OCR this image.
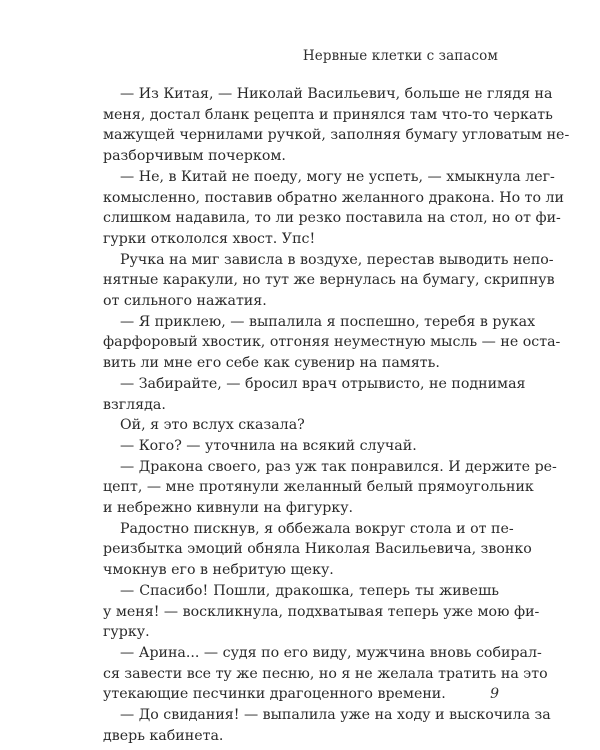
Нервные клетки с запасом

— Из Китая, — Николай Васильевич, больше не глядя на
меня, достал бланк рецепта и принялся там что-то черкать
мажущей чернилами ручкой, заполняя бумагу угловатым не-
разборчивым почерком.

— Не, в Китай не поеду, могу не успеть, — хмыкнула лег-
комысленно, поставив обратно желанного дракона. Но то ли
слишком надавила, то ли резко поставила на стол, но от фи-
гурки откололся хвост. Упс!

Ручка на миг зависла в воздухе, перестав выводить непо-
нятные каракули, но тут же вернулась на бумагу, скрипнув
от сильного нажатия.

— Я приклею, — выпалила я поспешно, теребя в руках
фарфоровый хвостик, отгоняя неуместную мысль — не оста-
вить ли мне его себе как сувенир на память.

— Забирайте, — бросил врач отрывисто, не поднимая
взгляда.

Ой, я это вслух сказала?

— Кого? — уточнила на всякий случай.

— Дракона своего, раз уж так понравился. И держите ре-
цепт, — мне протянули желанный белый прямоугольник
и небрежно кивнули на фигурку.

Радостно пискнув, я оббежала вокруг стола и от пе-
реизбытка эмоций обняла Николая Васильевича, звонко
чмокнув его в небритую щеку.

— Спасибо! Пошли, дракошка, теперь ты живешь
у меня! — воскликнула, подхватывая теперь уже мою фи-
гурку.

— Арина... — судя по его виду, мужчина вновь собирал-
ся завести все ту же песню, но я не желала тратить на это
утекающие песчинки драгоценного времени.

— До свидания! — выпалила уже на ходу и выскочила за
дверь кабинета.

9
